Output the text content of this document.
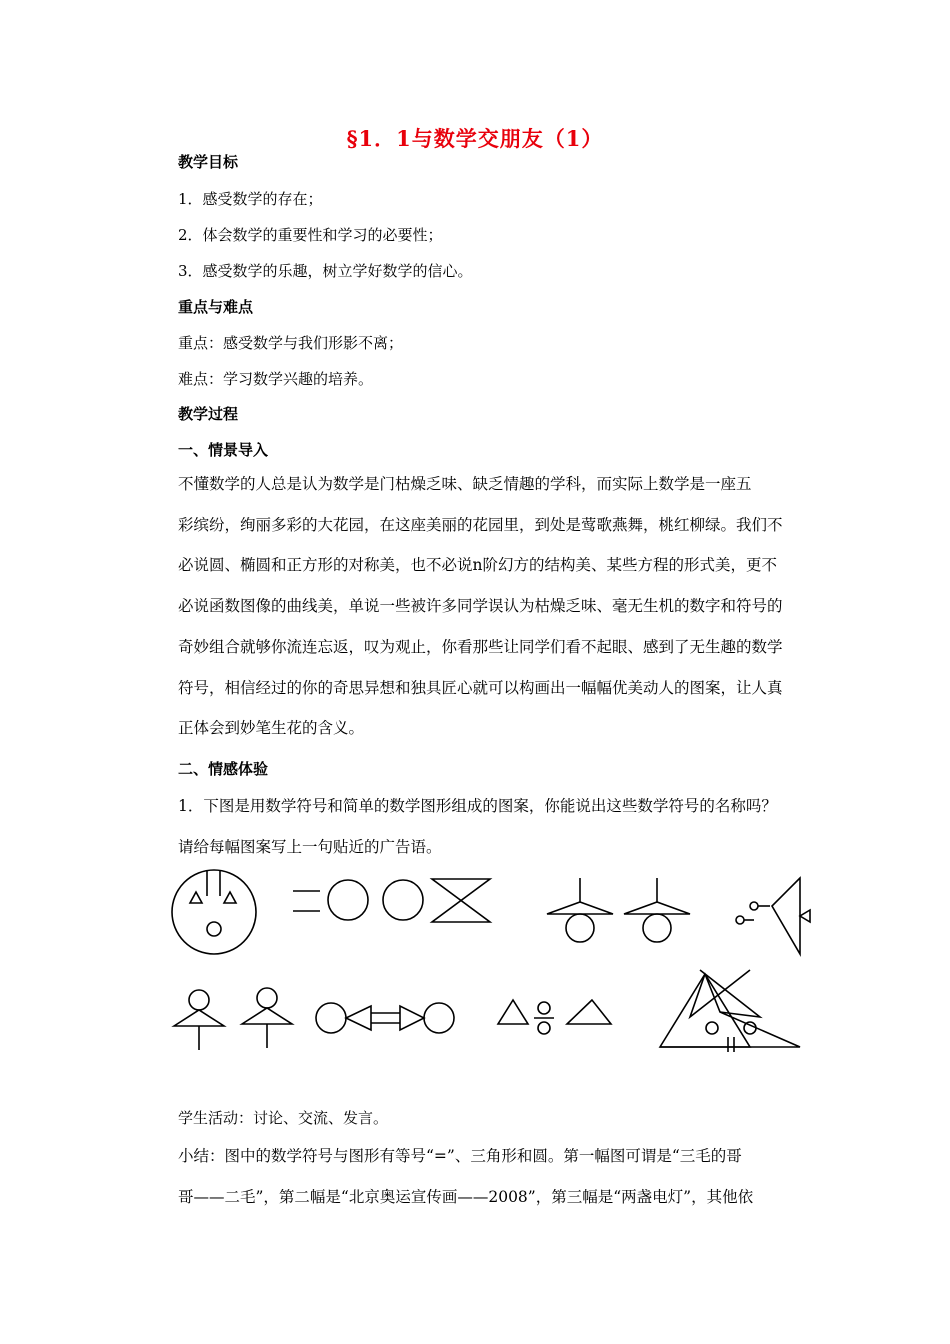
§1．1与数学交朋友（1）
教学目标
1．感受数学的存在；
2．体会数学的重要性和学习的必要性；
3．感受数学的乐趣，树立学好数学的信心。
重点与难点
重点：感受数学与我们形影不离；
难点：学习数学兴趣的培养。
教学过程
一、情景导入
不懂数学的人总是认为数学是门枯燥乏味、缺乏情趣的学科，而实际上数学是一座五
彩缤纷，绚丽多彩的大花园，在这座美丽的花园里，到处是莺歌燕舞，桃红柳绿。我们不
必说圆、椭圆和正方形的对称美，也不必说n阶幻方的结构美、某些方程的形式美，更不
必说函数图像的曲线美，单说一些被许多同学误认为枯燥乏味、毫无生机的数字和符号的
奇妙组合就够你流连忘返，叹为观止，你看那些让同学们看不起眼、感到了无生趣的数学
符号，相信经过的你的奇思异想和独具匠心就可以构画出一幅幅优美动人的图案，让人真
正体会到妙笔生花的含义。
二、情感体验
1．下图是用数学符号和简单的数学图形组成的图案，你能说出这些数学符号的名称吗？
请给每幅图案写上一句贴近的广告语。
学生活动：讨论、交流、发言。
小结：图中的数学符号与图形有等号“=”、三角形和圆。第一幅图可谓是“三毛的哥
哥——二毛”，第二幅是“北京奥运宣传画——2008”，第三幅是“两盏电灯”，其他依
